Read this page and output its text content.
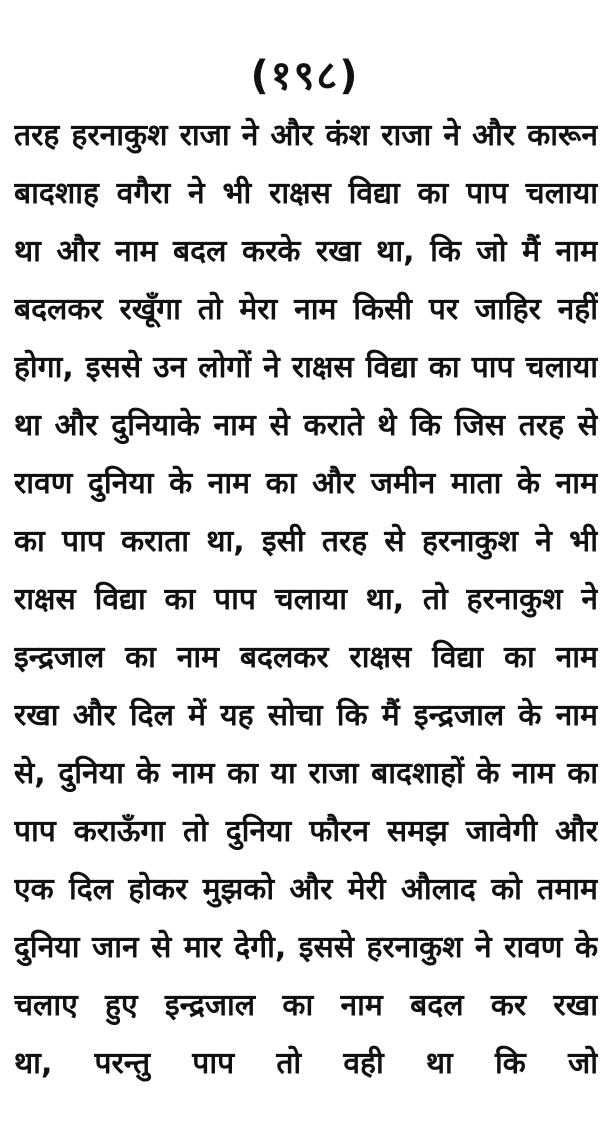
(१९८)
तरह हरनाकुश राजा ने और कंश राजा ने और कारून
बादशाह वगैरा ने भी राक्षस विद्या का पाप चलाया
था और नाम बदल करके रखा था, कि जो मैं नाम
बदलकर रखूँगा तो मेरा नाम किसी पर जाहिर नहीं
होगा, इससे उन लोगों ने राक्षस विद्या का पाप चलाया
था और दुनियाके नाम से कराते थे कि जिस तरह से
रावण दुनिया के नाम का और जमीन माता के नाम
का पाप कराता था, इसी तरह से हरनाकुश ने भी
राक्षस विद्या का पाप चलाया था, तो हरनाकुश ने
इन्द्रजाल का नाम बदलकर राक्षस विद्या का नाम
रखा और दिल में यह सोचा कि मैं इन्द्रजाल के नाम
से, दुनिया के नाम का या राजा बादशाहों के नाम का
पाप कराऊँगा तो दुनिया फौरन समझ जावेगी और
एक दिल होकर मुझको और मेरी औलाद को तमाम
दुनिया जान से मार देगी, इससे हरनाकुश ने रावण के
चलाए हुए इन्द्रजाल का नाम बदल कर रखा
था, परन्तु पाप तो वही था कि जो
